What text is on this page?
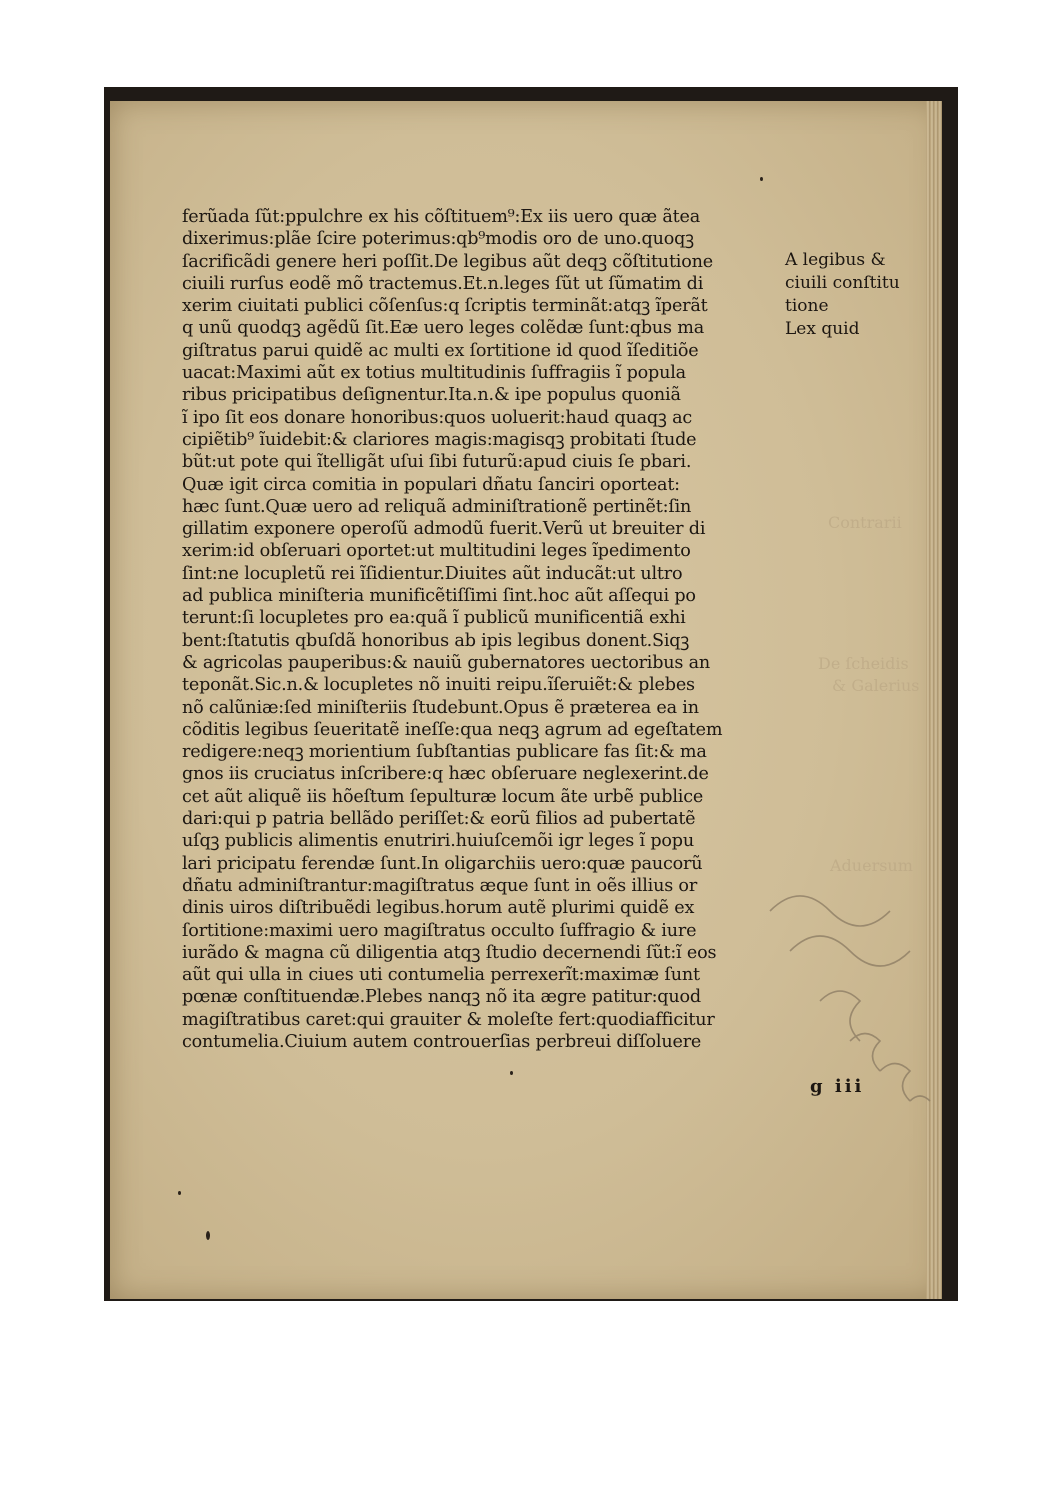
Contrarii
De ſcheidis
& Galerius
Aduersum
ferũada ſũt:ppulchre ex his cõſtituem⁹:Ex iis uero quæ ãtea
dixerimus:plãe ſcire poterimus:qb⁹modis oro de uno.quoqꝫ
ſacrificãdi genere heri poſſit.De legibus aũt deqꝫ cõſtitutione
ciuili rurſus eodẽ mõ tractemus.Et.n.leges ſũt ut ſũmatim di
xerim ciuitati publici cõſenſus:q ſcriptis terminãt:atqꝫ ĩperãt
q unũ quodqꝫ agẽdũ ſit.Eæ uero leges colẽdæ ſunt:qbus ma
giſtratus parui quidẽ ac multi ex ſortitione id quod ĩſeditiõe
uacat:Maximi aũt ex totius multitudinis ſuffragiis ĩ popula
ribus pricipatibus deſignentur.Ita.n.& ipe populus quoniã
ĩ ipo ſit eos donare honoribus:quos uoluerit:haud quaqꝫ ac
cipiẽtib⁹ ĩuidebit:& clariores magis:magisqꝫ probitati ſtude
bũt:ut pote qui ĩtelligãt uſui ſibi futurũ:apud ciuis ſe pbari.
Quæ igit circa comitia in populari dñatu ſanciri oporteat:
hæc ſunt.Quæ uero ad reliquã adminiſtrationẽ pertinẽt:ſin
gillatim exponere operoſũ admodũ fuerit.Verũ ut breuiter di
xerim:id obſeruari oportet:ut multitudini leges ĩpedimento
ſint:ne locupletũ rei ĩſidientur.Diuites aũt inducãt:ut ultro
ad publica miniſteria munificẽtiſſimi ſint.hoc aũt aſſequi po
terunt:ſi locupletes pro ea:quã ĩ publicũ munificentiã exhi
bent:ſtatutis qbuſdã honoribus ab ipis legibus donent.Siqꝫ
& agricolas pauperibus:& nauiũ gubernatores uectoribus an
teponãt.Sic.n.& locupletes nõ inuiti reipu.ĩſeruiẽt:& plebes
nõ calũniæ:ſed miniſteriis ſtudebunt.Opus ẽ præterea ea in
cõditis legibus ſeueritatẽ ineſſe:qua neqꝫ agrum ad egeſtatem
redigere:neqꝫ morientium ſubſtantias publicare fas ſit:& ma
gnos iis cruciatus inſcribere:q hæc obſeruare neglexerint.de
cet aũt aliquẽ iis hõeſtum ſepulturæ locum ãte urbẽ publice
dari:qui p patria bellãdo periſſet:& eorũ filios ad pubertatẽ
uſqꝫ publicis alimentis enutriri.huiuſcemõi igr leges ĩ popu
lari pricipatu ferendæ ſunt.In oligarchiis uero:quæ paucorũ
dñatu adminiſtrantur:magiſtratus æque ſunt in oẽs illius or
dinis uiros diſtribuẽdi legibus.horum autẽ plurimi quidẽ ex
ſortitione:maximi uero magiſtratus occulto ſuffragio & iure
iurãdo & magna cũ diligentia atqꝫ ſtudio decernendi ſũt:ĩ eos
aũt qui ulla in ciues uti contumelia perrexerĩt:maximæ ſunt
pœnæ conſtituendæ.Plebes nanqꝫ nõ ita ægre patitur:quod
magiſtratibus caret:qui grauiter & moleſte fert:quodiafficitur
contumelia.Ciuium autem controuerſias perbreui diſſoluere
A legibus &
ciuili conſtitu
tione
Lex quid
g iii
